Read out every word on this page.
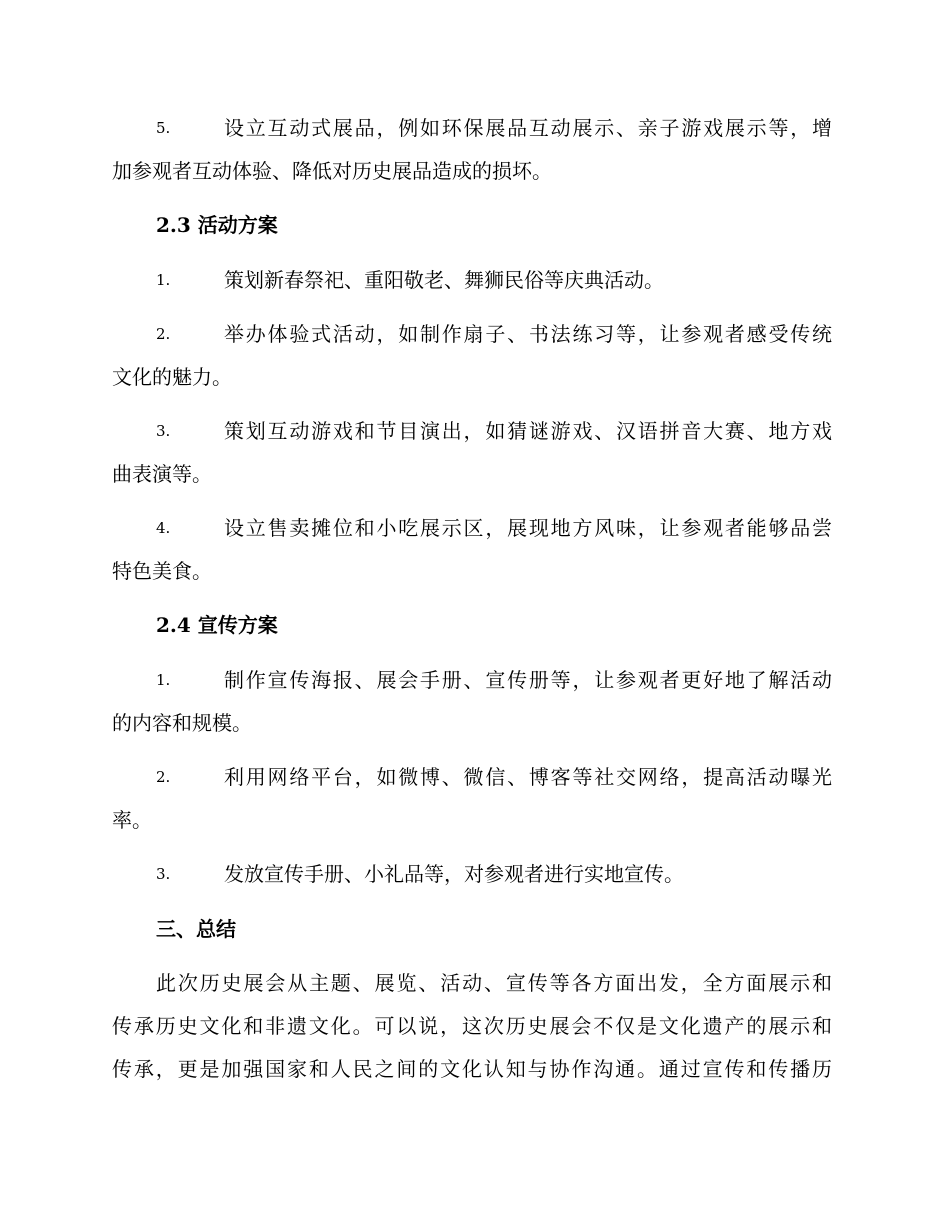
5.	设立互动式展品，例如环保展品互动展示、亲子游戏展示等，增
加参观者互动体验、降低对历史展品造成的损坏。
2.3 活动方案
1.	策划新春祭祀、重阳敬老、舞狮民俗等庆典活动。
2.	举办体验式活动，如制作扇子、书法练习等，让参观者感受传统
文化的魅力。
3.	策划互动游戏和节目演出，如猜谜游戏、汉语拼音大赛、地方戏
曲表演等。
4.	设立售卖摊位和小吃展示区，展现地方风味，让参观者能够品尝
特色美食。
2.4 宣传方案
1.	制作宣传海报、展会手册、宣传册等，让参观者更好地了解活动
的内容和规模。
2.	利用网络平台，如微博、微信、博客等社交网络，提高活动曝光
率。
3.	发放宣传手册、小礼品等，对参观者进行实地宣传。
三、总结
此次历史展会从主题、展览、活动、宣传等各方面出发，全方面展示和
传承历史文化和非遗文化。可以说，这次历史展会不仅是文化遗产的展示和
传承，更是加强国家和人民之间的文化认知与协作沟通。通过宣传和传播历
